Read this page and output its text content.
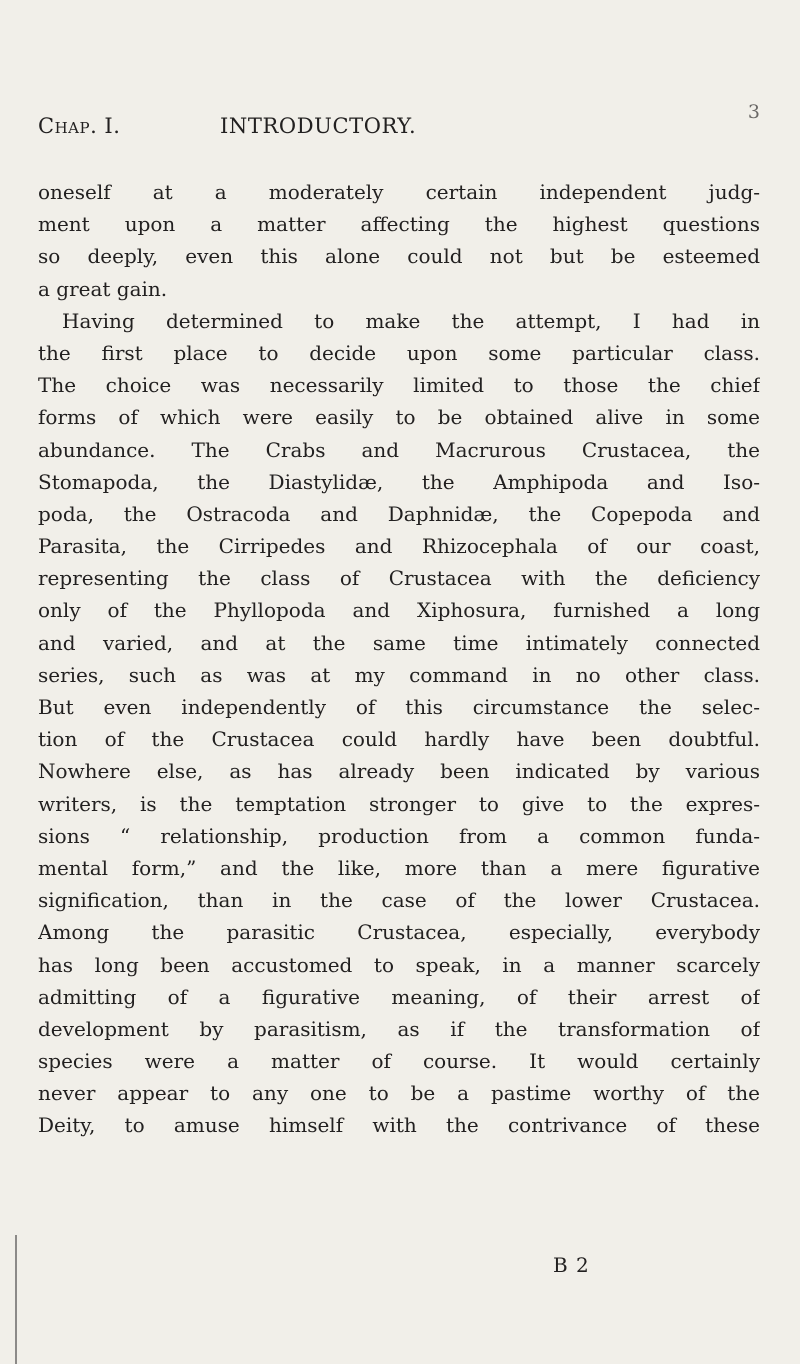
Chap. I.	INTRODUCTORY.
3
oneself at a moderately certain independent judg-
ment upon a matter affecting the highest questions
so deeply, even this alone could not but be esteemed
a great gain.
Having determined to make the attempt, I had in
the first place to decide upon some particular class.
The choice was necessarily limited to those the chief
forms of which were easily to be obtained alive in some
abundance. The Crabs and Macrurous Crustacea, the
Stomapoda, the Diastylidæ, the Amphipoda and Iso-
poda, the Ostracoda and Daphnidæ, the Copepoda and
Parasita, the Cirripedes and Rhizocephala of our coast,
representing the class of Crustacea with the deficiency
only of the Phyllopoda and Xiphosura, furnished a long
and varied, and at the same time intimately connected
series, such as was at my command in no other class.
But even independently of this circumstance the selec-
tion of the Crustacea could hardly have been doubtful.
Nowhere else, as has already been indicated by various
writers, is the temptation stronger to give to the expres-
sions “ relationship, production from a common funda-
mental form,” and the like, more than a mere figurative
signification, than in the case of the lower Crustacea.
Among the parasitic Crustacea, especially, everybody
has long been accustomed to speak, in a manner scarcely
admitting of a figurative meaning, of their arrest of
development by parasitism, as if the transformation of
species were a matter of course. It would certainly
never appear to any one to be a pastime worthy of the
Deity, to amuse himself with the contrivance of these
B 2
